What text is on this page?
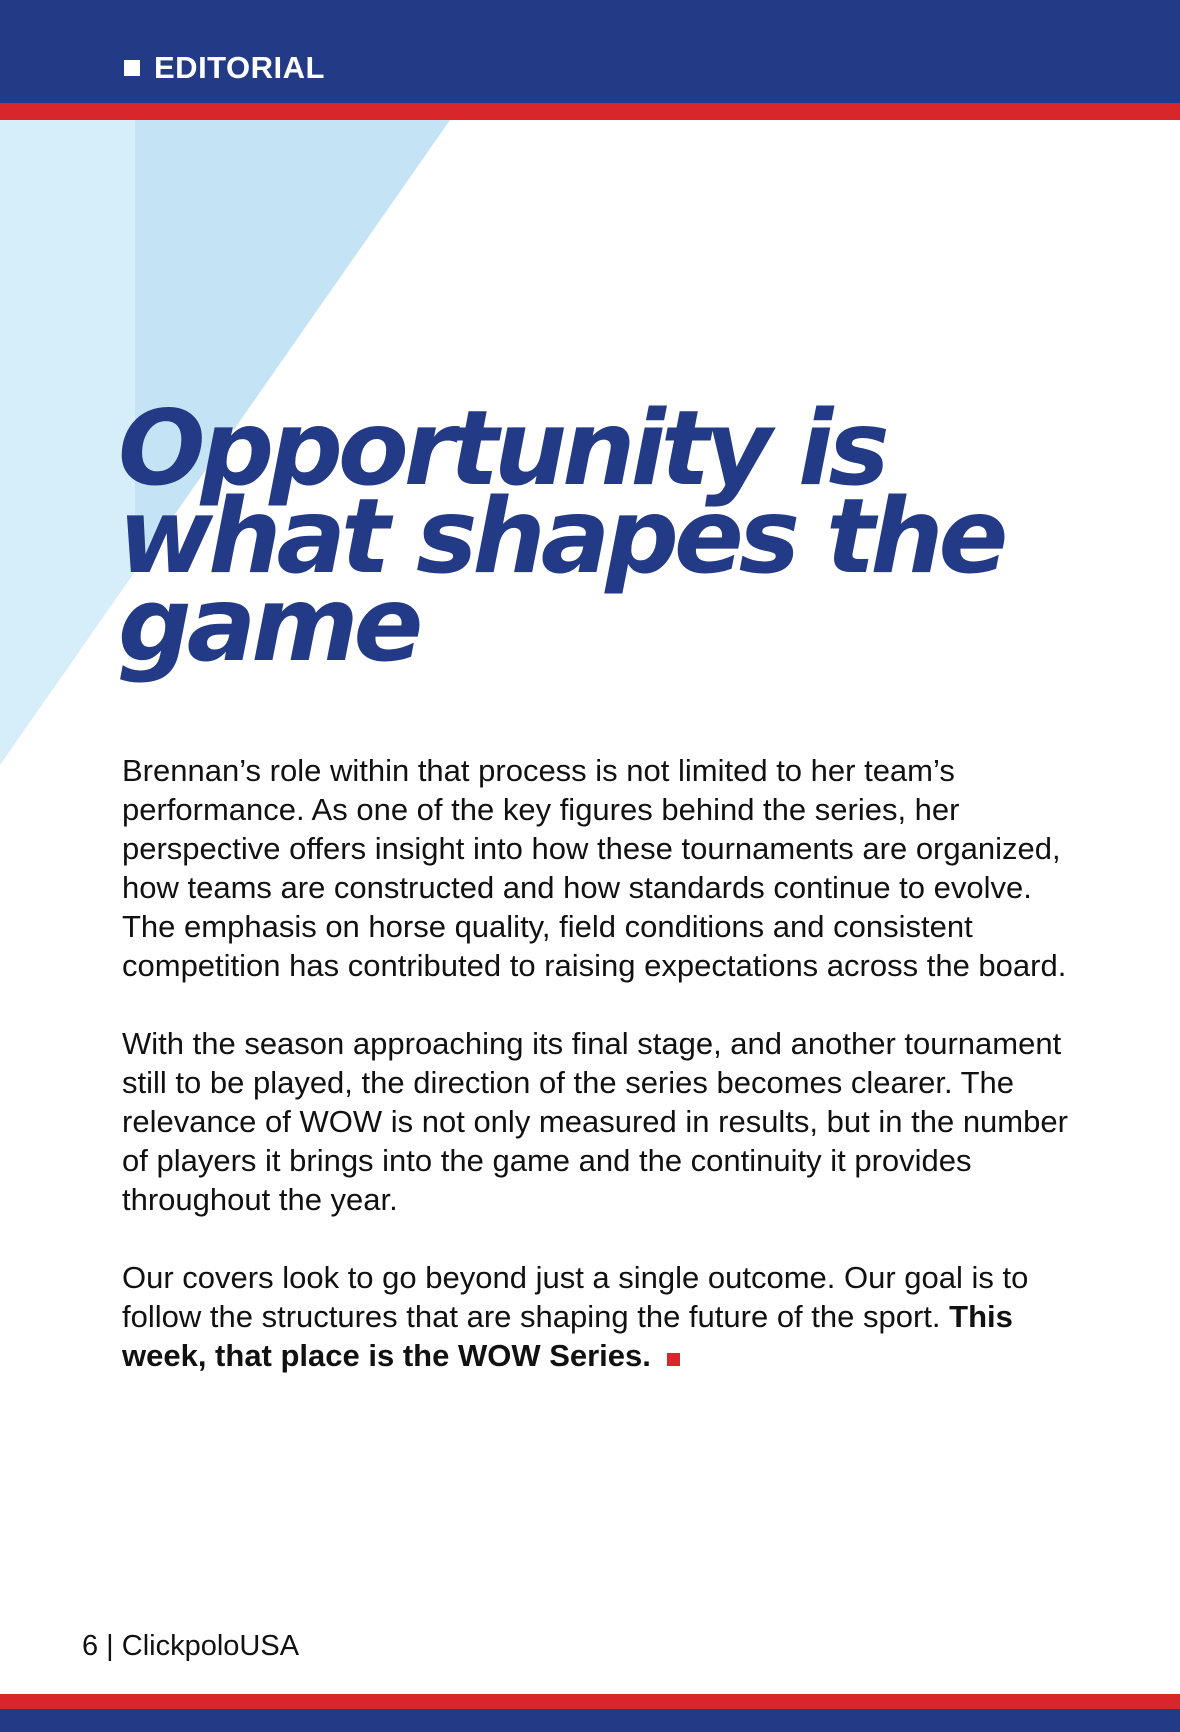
EDITORIAL
Opportunity is what shapes the game

Brennan’s role within that process is not limited to her team’s performance. As one of the key figures behind the series, her perspective offers insight into how these tournaments are organized, how teams are constructed and how standards continue to evolve. The emphasis on horse quality, field conditions and consistent competition has contributed to raising expectations across the board.

With the season approaching its final stage, and another tournament still to be played, the direction of the series becomes clearer. The relevance of WOW is not only measured in results, but in the number of players it brings into the game and the continuity it provides throughout the year.

Our covers look to go beyond just a single outcome. Our goal is to follow the structures that are shaping the future of the sport. This week, that place is the WOW Series.

6 | ClickpoloUSA
